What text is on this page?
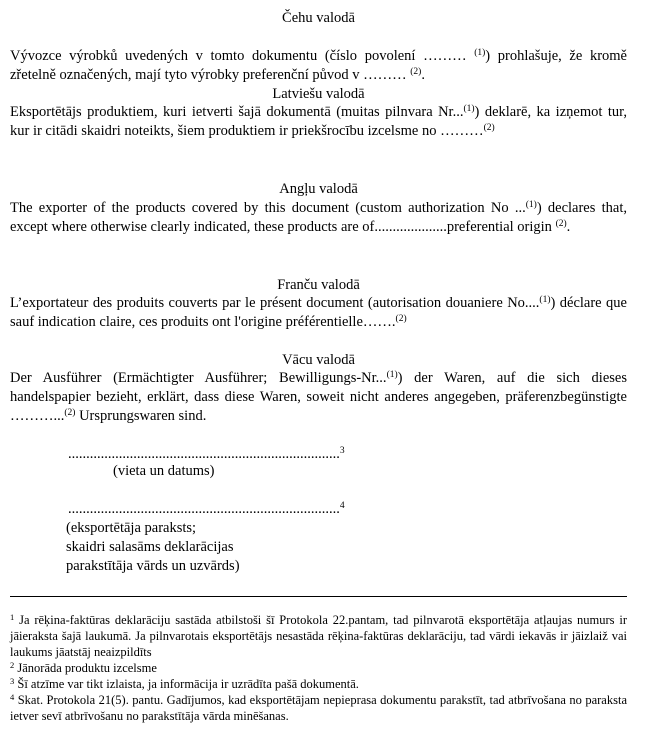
Čehu valodā
Vývozce výrobků uvedených v tomto dokumentu (číslo povolení ……… $^{(1)}$) prohlašuje, že kromě zřetelně označených, mají tyto výrobky preferenční původ v ……… $^{(2)}$.
Latviešu valodā
Eksportētājs produktiem, kuri ietverti šajā dokumentā (muitas pilnvara Nr...$^{(1)}$) deklarē, ka izņemot tur, kur ir citādi skaidri noteikts, šiem produktiem ir priekšrocību izcelsme no ………$^{(2)}$
Angļu valodā
The exporter of the products covered by this document (custom authorization No ...$^{(1)}$) declares that, except where otherwise clearly indicated, these products are of....................preferential origin $^{(2)}$.
Franču valodā
L’exportateur des produits couverts par le présent document (autorisation douaniere No....$^{(1)}$) déclare que sauf indication claire, ces produits ont l'origine préférentielle…….$^{(2)}$
Vācu valodā
Der Ausführer (Ermächtigter Ausführer; Bewilligungs-Nr...$^{(1)}$) der Waren, auf die sich dieses handelspapier bezieht, erklärt, dass diese Waren, soweit nicht anderes angegeben, präferenzbegünstigte ………...$^{(2)}$ Ursprungswaren sind.
...........................................................................$^3$
(vieta un datums)
...........................................................................$^4$
(eksportētāja paraksts;
skaidri salasāms deklarācijas
parakstītāja vārds un uzvārds)

$^1$ Ja rēķina-faktūras deklarāciju sastāda atbilstoši šī Protokola 22.pantam, tad pilnvarotā eksportētāja atļaujas numurs ir jāieraksta šajā laukumā. Ja pilnvarotais eksportētājs nesastāda rēķina-faktūras deklarāciju, tad vārdi iekavās ir jāizlaiž vai laukums jāatstāj neaizpildīts

$^2$ Jānorāda produktu izcelsme

$^3$ Šī atzīme var tikt izlaista, ja informācija ir uzrādīta pašā dokumentā.

$^4$ Skat. Protokola 21(5). pantu. Gadījumos, kad eksportētājam nepieprasa dokumentu parakstīt, tad atbrīvošana no paraksta ietver sevī atbrīvošanu no parakstītāja vārda minēšanas.
